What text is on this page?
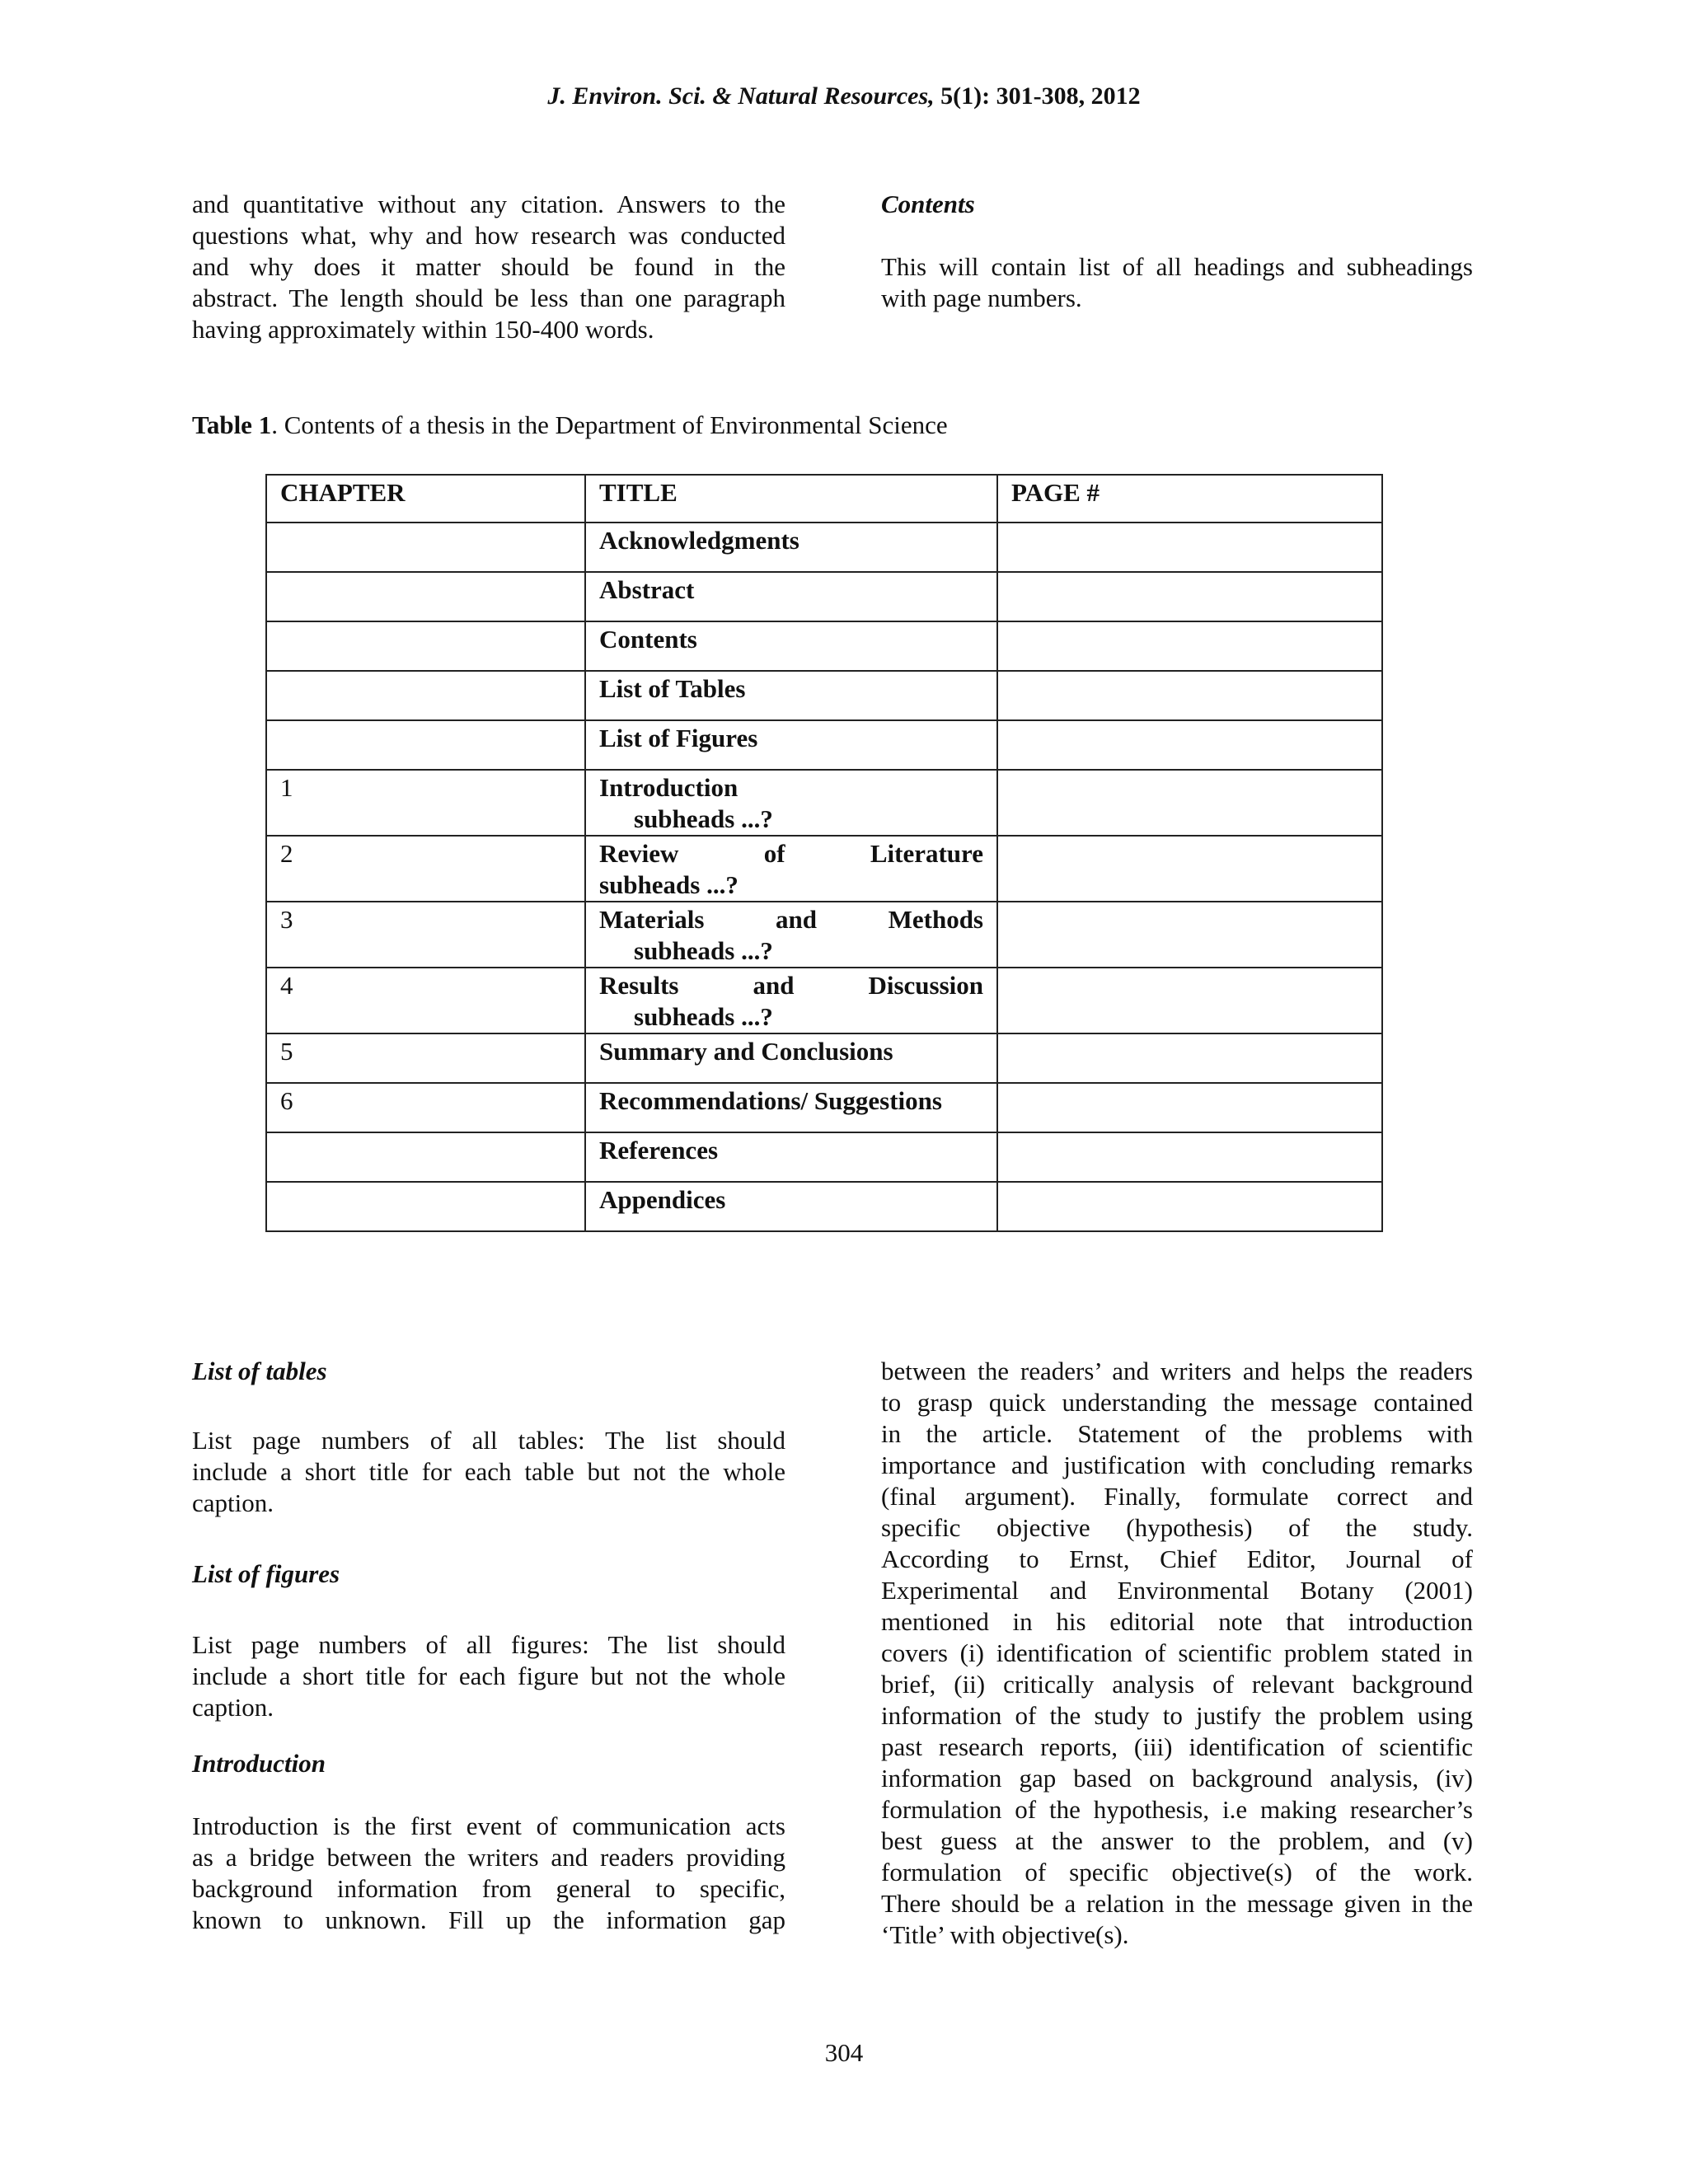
J. Environ. Sci. & Natural Resources, 5(1): 301-308, 2012
and quantitative without any citation. Answers to the
questions what, why and how research was conducted
and why does it matter should be found in the
abstract. The length should be less than one paragraph
having approximately within 150-400 words.
Contents
This will contain list of all headings and subheadings
with page numbers.
Table 1. Contents of a thesis in the Department of Environmental Science
CHAPTER	TITLE	PAGE #
	Acknowledgments	
	Abstract	
	Contents	
	List of Tables	
	List of Figures	
1	Introduction
subheads ...?	

2	Review of Literature
subheads ...?	

3	Materials and Methods
subheads ...?	

4	Results and Discussion
subheads ...?	

5	Summary and Conclusions	
6	Recommendations/ Suggestions	
	References	
	Appendices	
List of tables
List page numbers of all tables: The list should
include a short title for each table but not the whole
caption.
List of figures
List page numbers of all figures: The list should
include a short title for each figure but not the whole
caption.
Introduction
Introduction is the first event of communication acts
as a bridge between the writers and readers providing
background information from general to specific,
known to unknown. Fill up the information gap
between the readers’ and writers and helps the readers
to grasp quick understanding the message contained
in the article. Statement of the problems with
importance and justification with concluding remarks
(final argument). Finally, formulate correct and
specific objective (hypothesis) of the study.
According to Ernst, Chief Editor, Journal of
Experimental and Environmental Botany (2001)
mentioned in his editorial note that introduction
covers (i) identification of scientific problem stated in
brief, (ii) critically analysis of relevant background
information of the study to justify the problem using
past research reports, (iii) identification of scientific
information gap based on background analysis, (iv)
formulation of the hypothesis, i.e making researcher’s
best guess at the answer to the problem, and (v)
formulation of specific objective(s) of the work.
There should be a relation in the message given in the
‘Title’ with objective(s).
304
